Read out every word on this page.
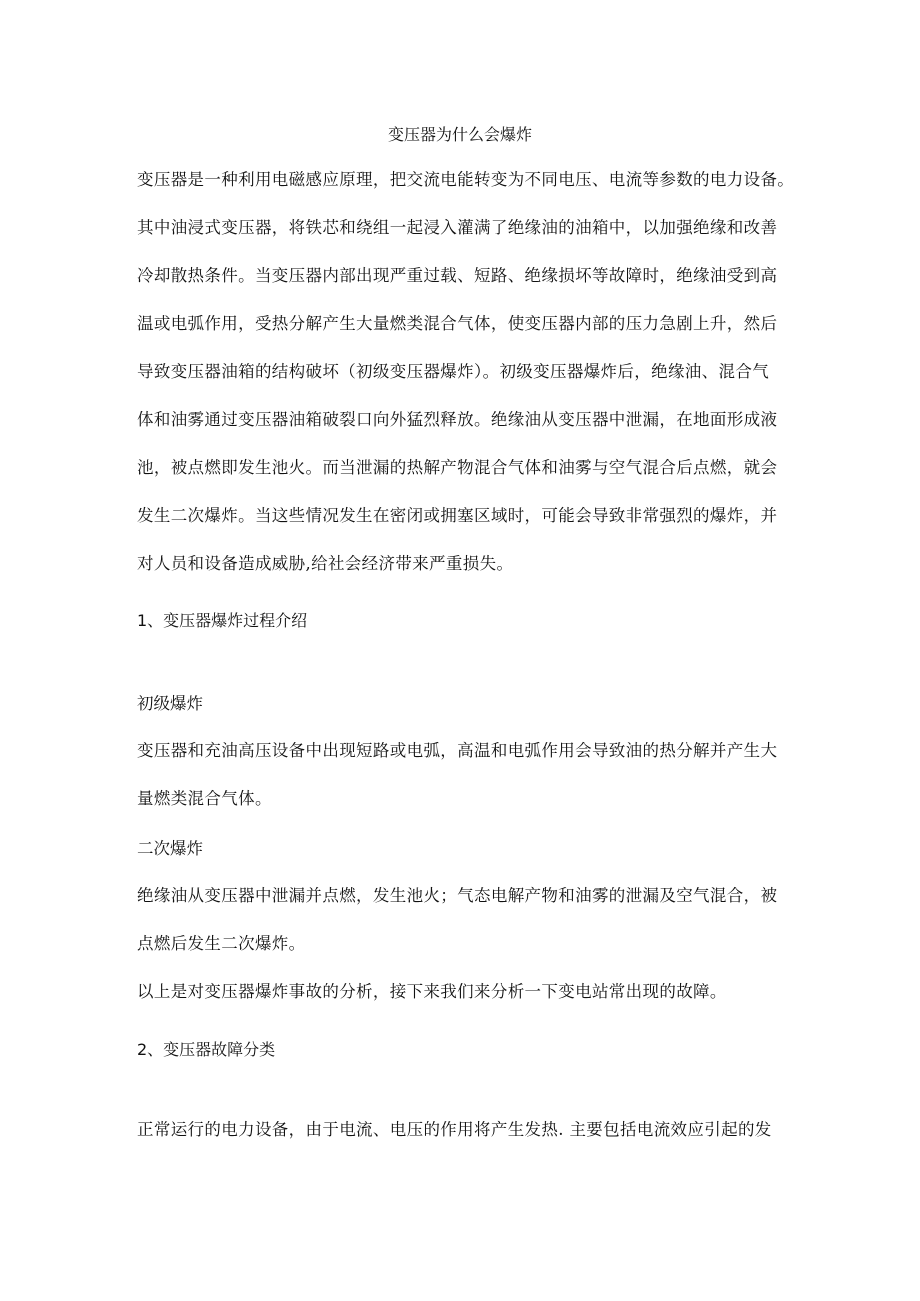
变压器为什么会爆炸
变压器是一种利用电磁感应原理，把交流电能转变为不同电压、电流等参数的电力设备。
其中油浸式变压器，将铁芯和绕组一起浸入灌满了绝缘油的油箱中，以加强绝缘和改善
冷却散热条件。当变压器内部出现严重过载、短路、绝缘损坏等故障时，绝缘油受到高
温或电弧作用，受热分解产生大量燃类混合气体，使变压器内部的压力急剧上升，然后
导致变压器油箱的结构破坏（初级变压器爆炸）。初级变压器爆炸后，绝缘油、混合气
体和油雾通过变压器油箱破裂口向外猛烈释放。绝缘油从变压器中泄漏，在地面形成液
池，被点燃即发生池火。而当泄漏的热解产物混合气体和油雾与空气混合后点燃，就会
发生二次爆炸。当这些情况发生在密闭或拥塞区域时，可能会导致非常强烈的爆炸，并
对人员和设备造成威胁,给社会经济带来严重损失。
1、变压器爆炸过程介绍

初级爆炸

变压器和充油高压设备中出现短路或电弧，高温和电弧作用会导致油的热分解并产生大
量燃类混合气体。

二次爆炸

绝缘油从变压器中泄漏并点燃，发生池火；气态电解产物和油雾的泄漏及空气混合，被
点燃后发生二次爆炸。
以上是对变压器爆炸事故的分析，接下来我们来分析一下变电站常出现的故障。
2、变压器故障分类
正常运行的电力设备，由于电流、电压的作用将产生发热. 主要包括电流效应引起的发
